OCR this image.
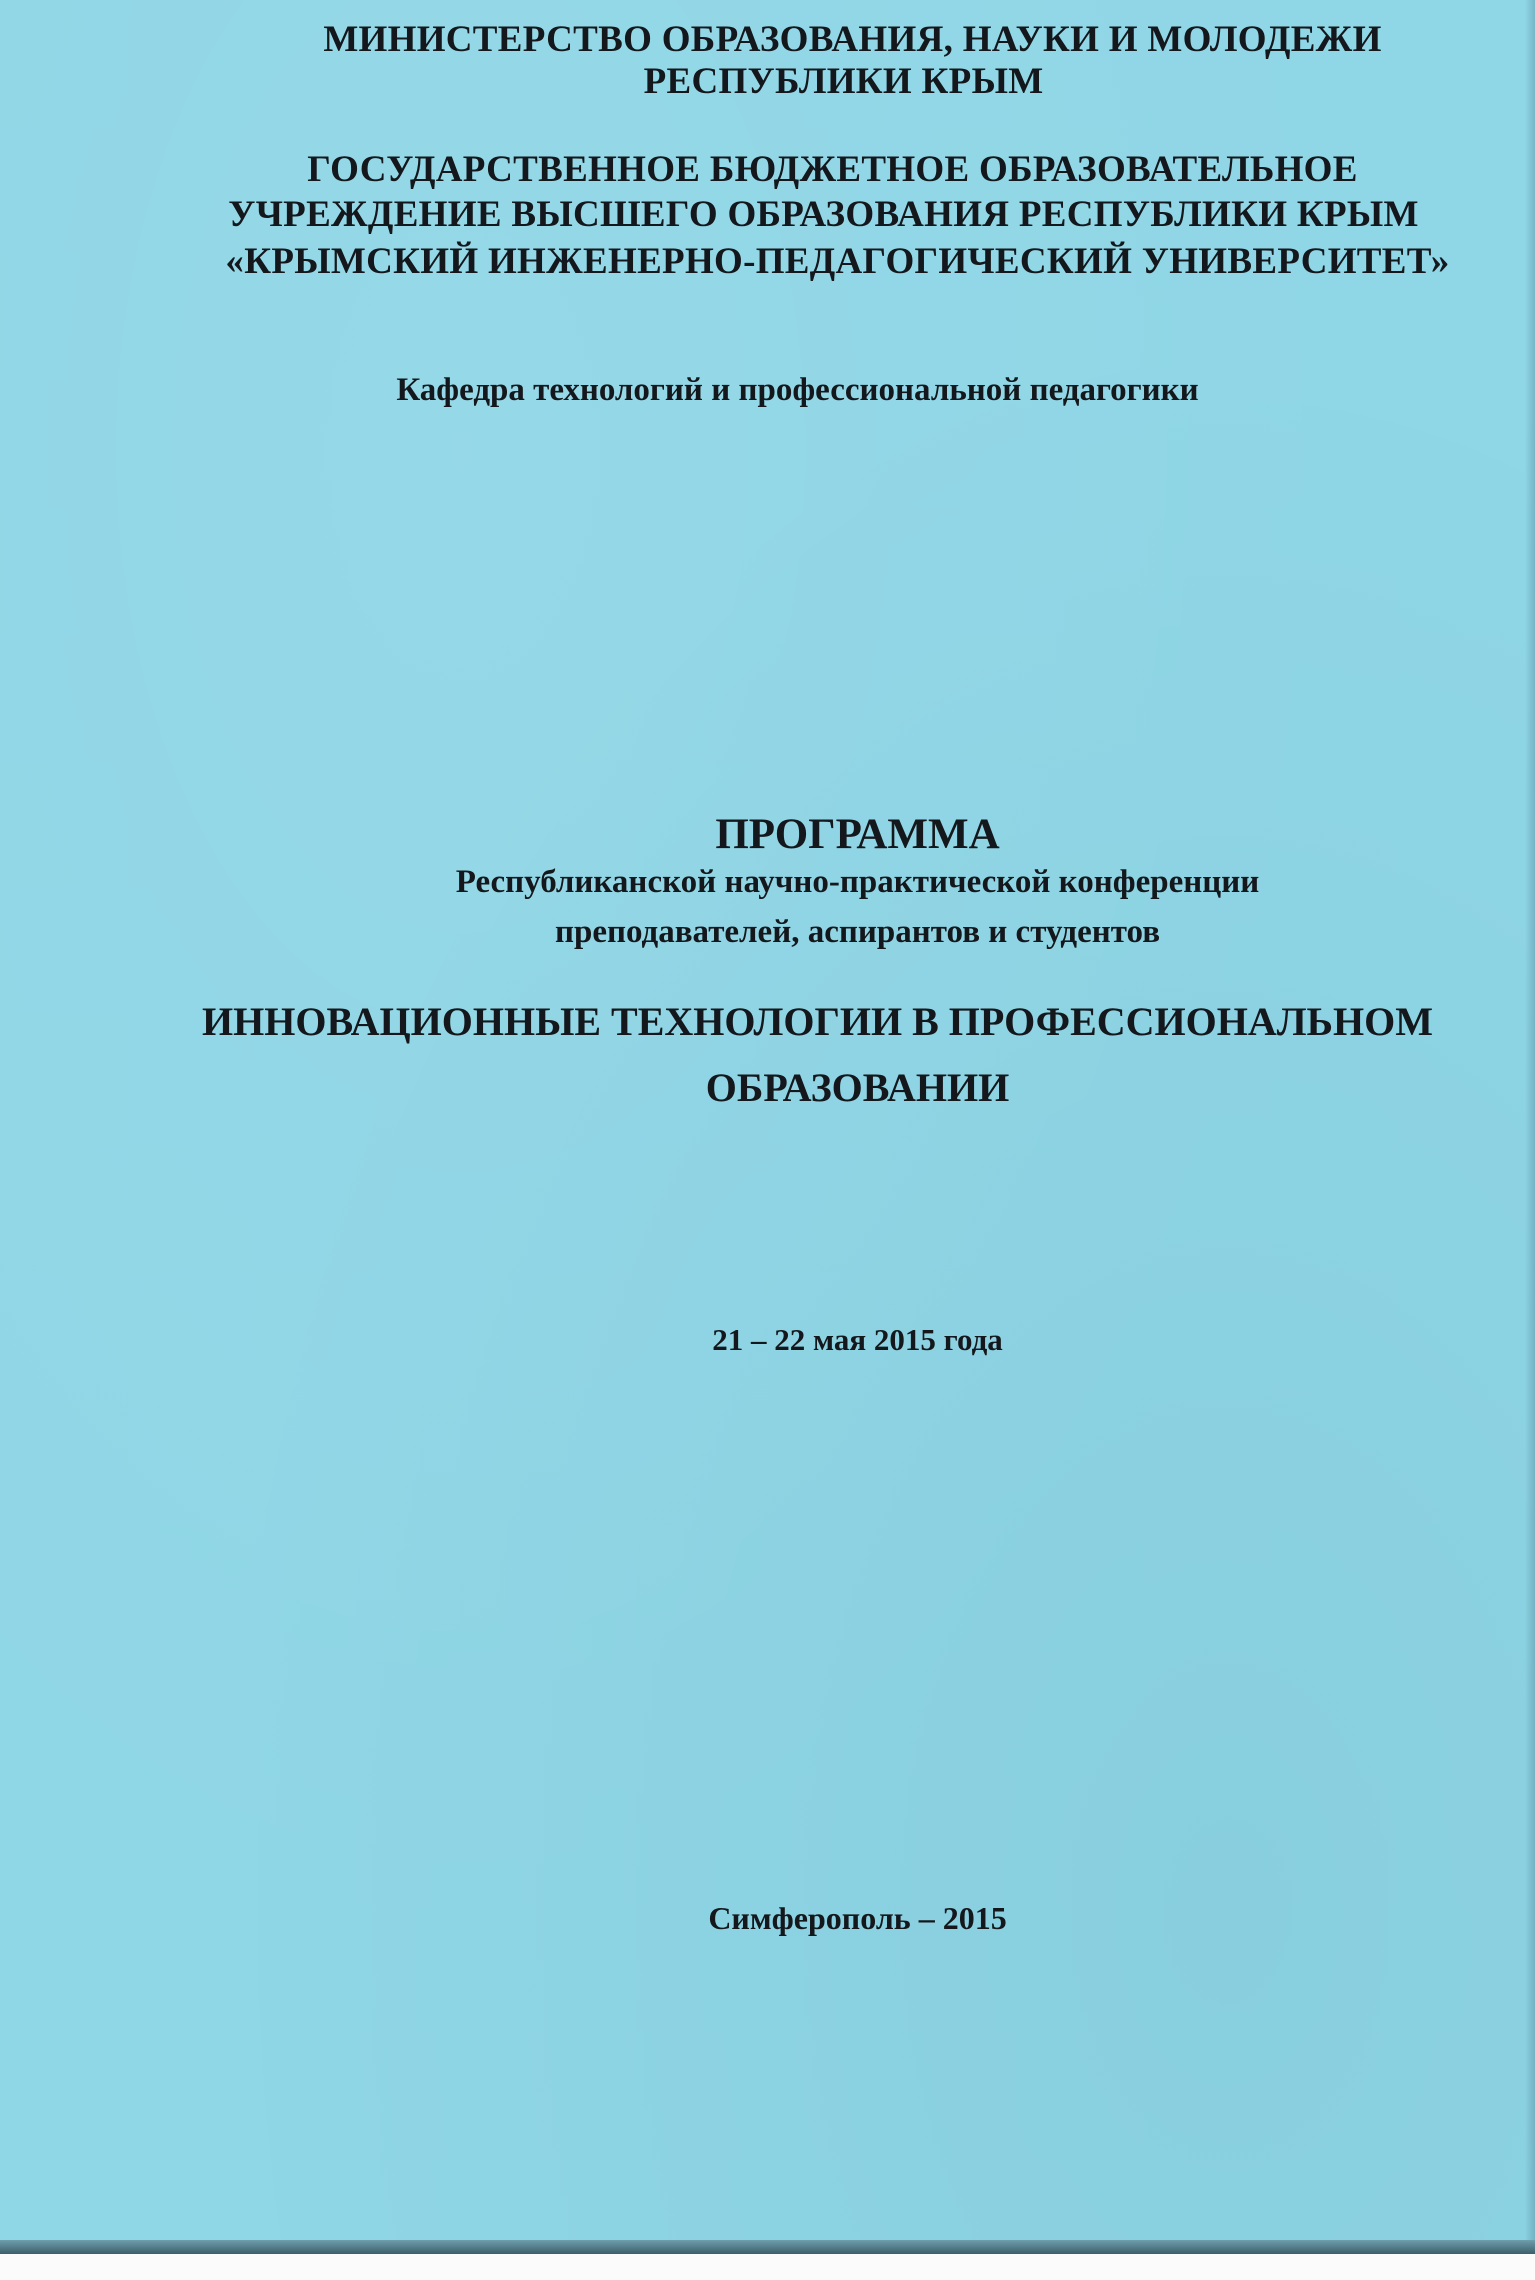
МИНИСТЕРСТВО ОБРАЗОВАНИЯ, НАУКИ И МОЛОДЕЖИ
РЕСПУБЛИКИ КРЫМ
ГОСУДАРСТВЕННОЕ БЮДЖЕТНОЕ ОБРАЗОВАТЕЛЬНОЕ
УЧРЕЖДЕНИЕ ВЫСШЕГО ОБРАЗОВАНИЯ РЕСПУБЛИКИ КРЫМ
«КРЫМСКИЙ ИНЖЕНЕРНО-ПЕДАГОГИЧЕСКИЙ УНИВЕРСИТЕТ»
Кафедра технологий и профессиональной педагогики
ПРОГРАММА
Республиканской научно-практической конференции
преподавателей, аспирантов и студентов
ИННОВАЦИОННЫЕ ТЕХНОЛОГИИ В ПРОФЕССИОНАЛЬНОМ
ОБРАЗОВАНИИ
21 – 22 мая 2015 года
Симферополь – 2015
